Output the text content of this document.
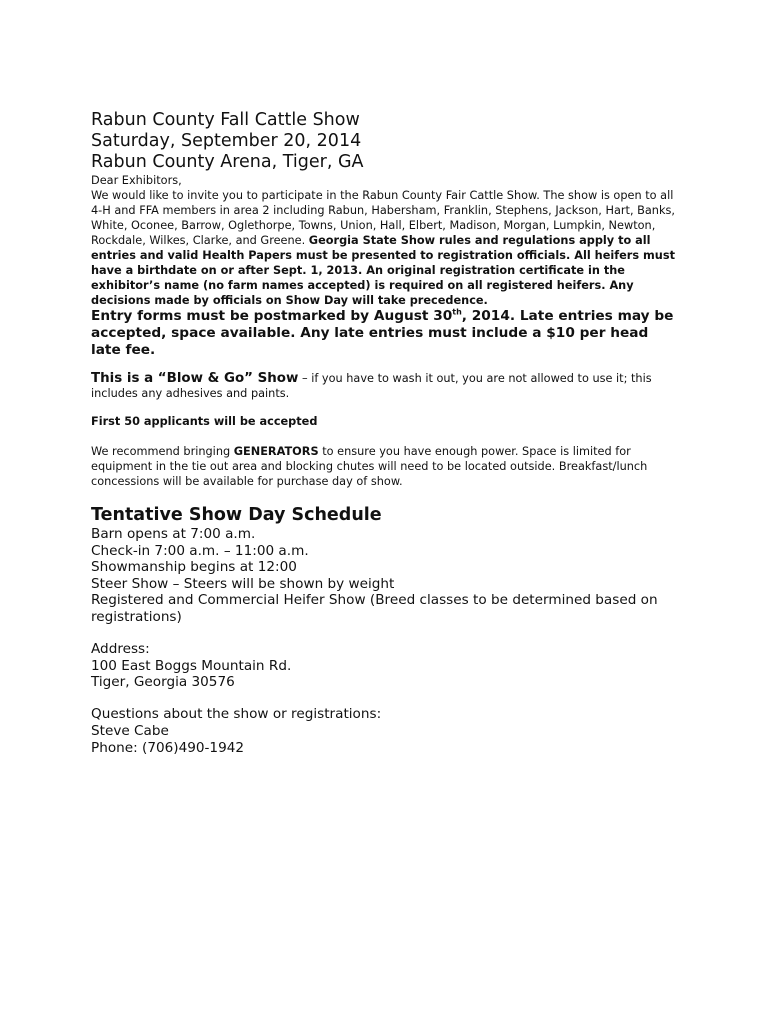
Rabun County Fall Cattle Show

Saturday, September 20, 2014

Rabun County Arena, Tiger, GA

Dear Exhibitors,

We would like to invite you to participate in the Rabun County Fair Cattle Show. The show is open to all 4-H and FFA members in area 2 including Rabun, Habersham, Franklin, Stephens, Jackson, Hart, Banks, White, Oconee, Barrow, Oglethorpe, Towns, Union, Hall, Elbert, Madison, Morgan, Lumpkin, Newton, Rockdale, Wilkes, Clarke, and Greene. Georgia State Show rules and regulations apply to all entries and valid Health Papers must be presented to registration officials. All heifers must have a birthdate on or after Sept. 1, 2013. An original registration certificate in the exhibitor’s name (no farm names accepted) is required on all registered heifers. Any decisions made by officials on Show Day will take precedence.

Entry forms must be postmarked by August 30th, 2014. Late entries may be accepted, space available. Any late entries must include a $10 per head late fee.

This is a “Blow & Go” Show – if you have to wash it out, you are not allowed to use it; this includes any adhesives and paints.

First 50 applicants will be accepted

We recommend bringing GENERATORS to ensure you have enough power. Space is limited for equipment in the tie out area and blocking chutes will need to be located outside. Breakfast/lunch concessions will be available for purchase day of show.

Tentative Show Day Schedule

Barn opens at 7:00 a.m.

Check-in 7:00 a.m. – 11:00 a.m.

Showmanship begins at 12:00

Steer Show – Steers will be shown by weight

Registered and Commercial Heifer Show (Breed classes to be determined based on registrations)

Address:

100 East Boggs Mountain Rd.

Tiger, Georgia 30576

Questions about the show or registrations:

Steve Cabe

Phone: (706)490-1942
